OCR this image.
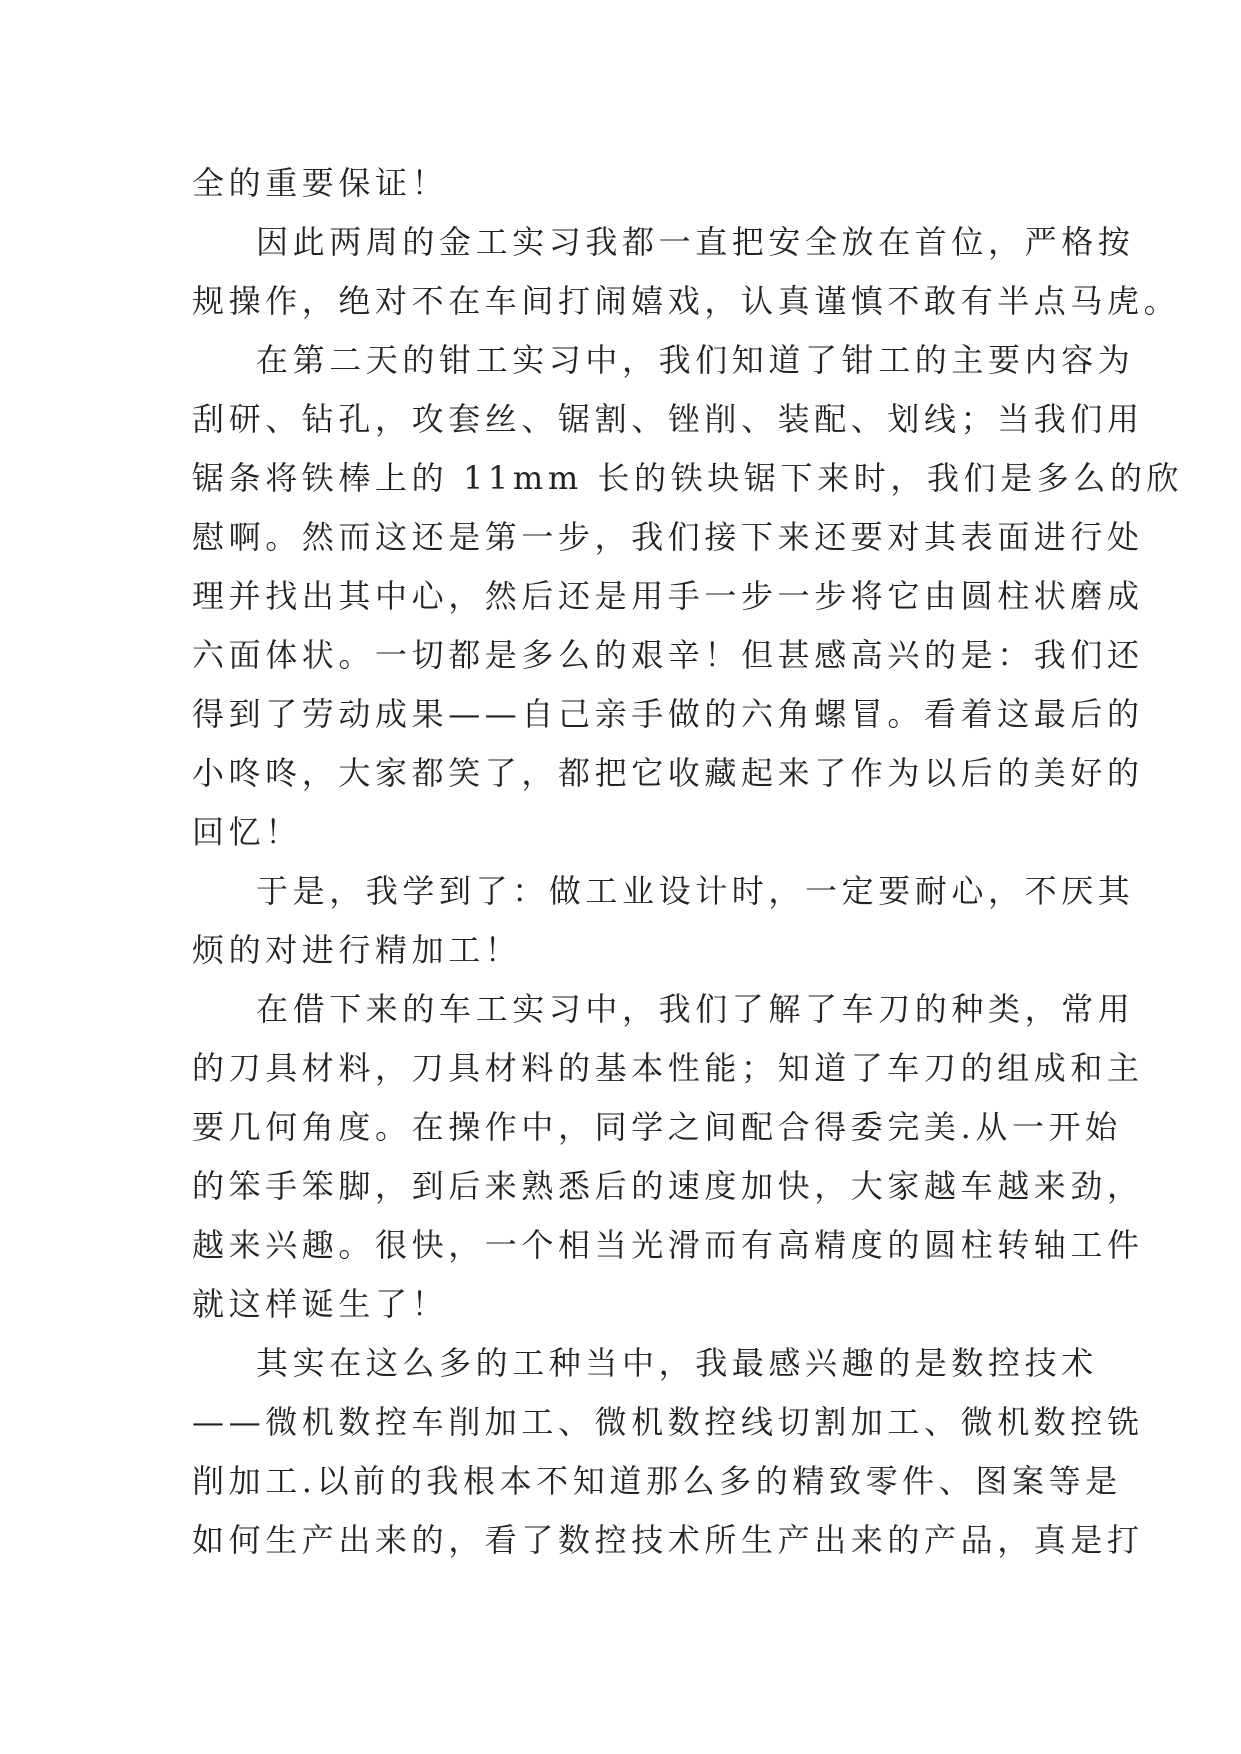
全的重要保证！
因此两周的金工实习我都一直把安全放在首位，严格按
规操作，绝对不在车间打闹嬉戏，认真谨慎不敢有半点马虎。
在第二天的钳工实习中，我们知道了钳工的主要内容为
刮研、钻孔，攻套丝、锯割、锉削、装配、划线；当我们用
锯条将铁棒上的 11mm 长的铁块锯下来时，我们是多么的欣
慰啊。然而这还是第一步，我们接下来还要对其表面进行处
理并找出其中心，然后还是用手一步一步将它由圆柱状磨成
六面体状。一切都是多么的艰辛！但甚感高兴的是：我们还
得到了劳动成果——自己亲手做的六角螺冒。看着这最后的
小咚咚，大家都笑了，都把它收藏起来了作为以后的美好的
回忆！
于是，我学到了：做工业设计时，一定要耐心，不厌其
烦的对进行精加工！
在借下来的车工实习中，我们了解了车刀的种类，常用
的刀具材料，刀具材料的基本性能；知道了车刀的组成和主
要几何角度。在操作中，同学之间配合得委完美.从一开始
的笨手笨脚，到后来熟悉后的速度加快，大家越车越来劲，
越来兴趣。很快，一个相当光滑而有高精度的圆柱转轴工件
就这样诞生了！
其实在这么多的工种当中，我最感兴趣的是数控技术
——微机数控车削加工、微机数控线切割加工、微机数控铣
削加工.以前的我根本不知道那么多的精致零件、图案等是
如何生产出来的，看了数控技术所生产出来的产品，真是打
